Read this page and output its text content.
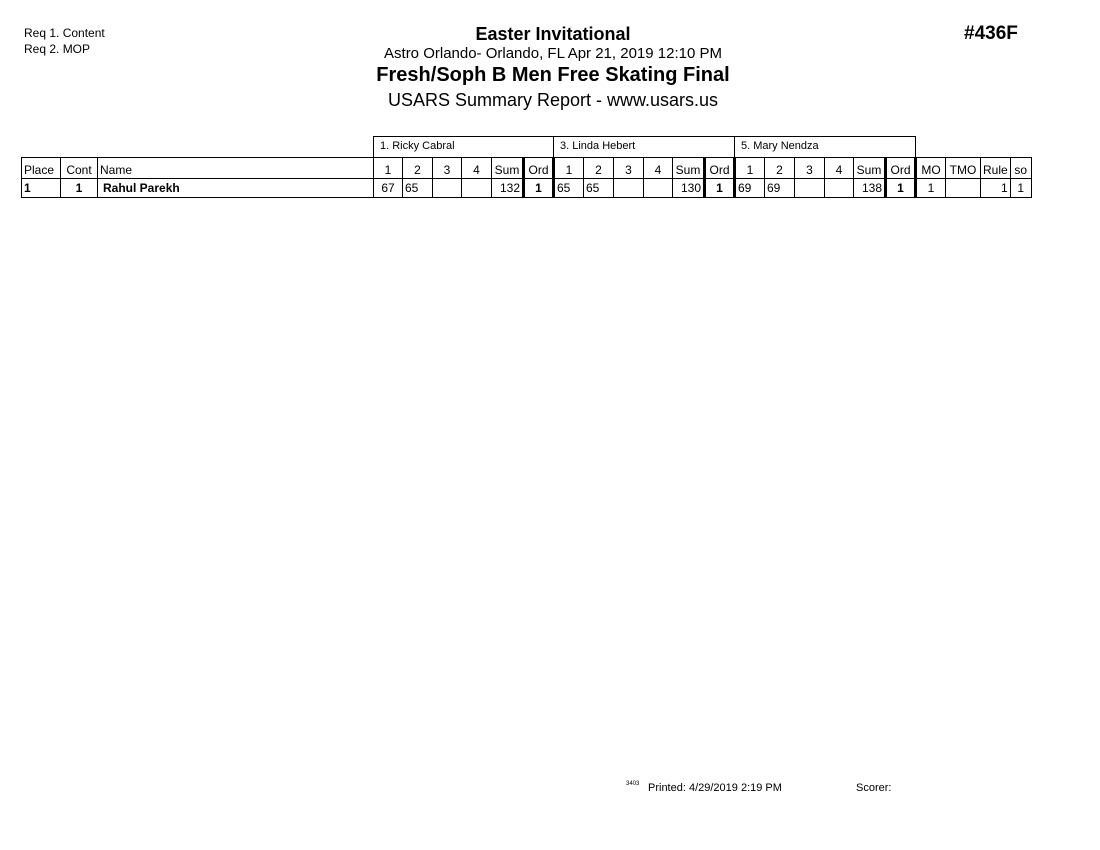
Req 1. Content
Req 2. MOP
#436F
Easter Invitational
Astro Orlando- Orlando, FL Apr 21, 2019 12:10 PM
Fresh/Soph B Men Free Skating Final
USARS Summary Report - www.usars.us
1. Ricky Cabral	3. Linda Hebert	5. Mary Nendza
Place	Cont	Name	1	2	3	4	Sum	Ord	1	2	3	4	Sum	Ord	1	2	3	4	Sum	Ord	MO	TMO	Rule	so
1	1	Rahul Parekh	67	65			132	1	65	65			130	1	69	69			138	1	1		1	1
3403 Printed: 4/29/2019 2:19 PM	Scorer:
